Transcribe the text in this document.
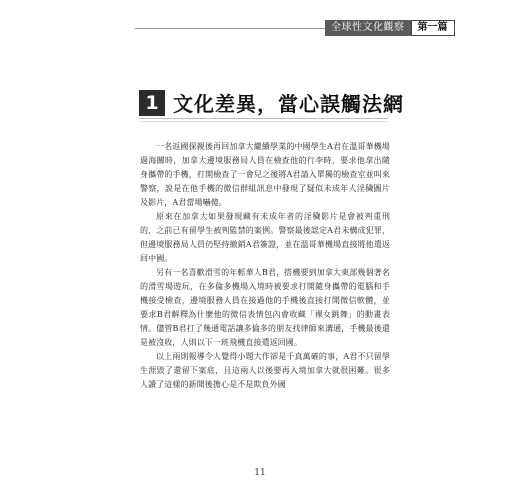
全球性文化觀察	第一篇
1 文化差異，當心誤觸法網

一名返國探親後再回加拿大繼續學業的中國學生A君在溫哥華機場過海關時，加拿大邊境服務局人員在檢查他的行李時，要求他拿出隨身攜帶的手機，打開檢查了一會兒之後將A君請入單獨的檢查室並叫來警察，說是在他手機的微信群組訊息中發現了疑似未成年人淫穢圖片及影片，A君當場嚇傻。

原來在加拿大如果發現藏有未成年者的淫穢影片是會被判重刑的，之前已有留學生被判監禁的案例。警察最後認定A君未構成犯罪，但邊境服務局人員仍堅持撤銷A君簽證，並在溫哥華機場直接將他遣返回中國。

另有一名喜歡滑雪的年輕華人B君，搭機要到加拿大東部幾個著名的滑雪場遊玩，在多倫多機場入境時被要求打開隨身攜帶的電腦和手機接受檢查，邊境服務人員在接過他的手機後直接打開微信軟體，並要求B君解釋為什麼他的微信表情包內會收藏「裸女跳舞」的動畫表情。儘管B君打了幾通電話讓多倫多的朋友找律師來溝通，手機最後還是被沒收，人則以下一班飛機直接遣返回國。

以上兩則報導令人覺得小題大作卻是千真萬確的事，A君不只留學生涯毀了還留下案底，且這兩人以後要再入境加拿大就很困難。很多人讀了這樣的新聞後擔心是不是欺負外國

11
